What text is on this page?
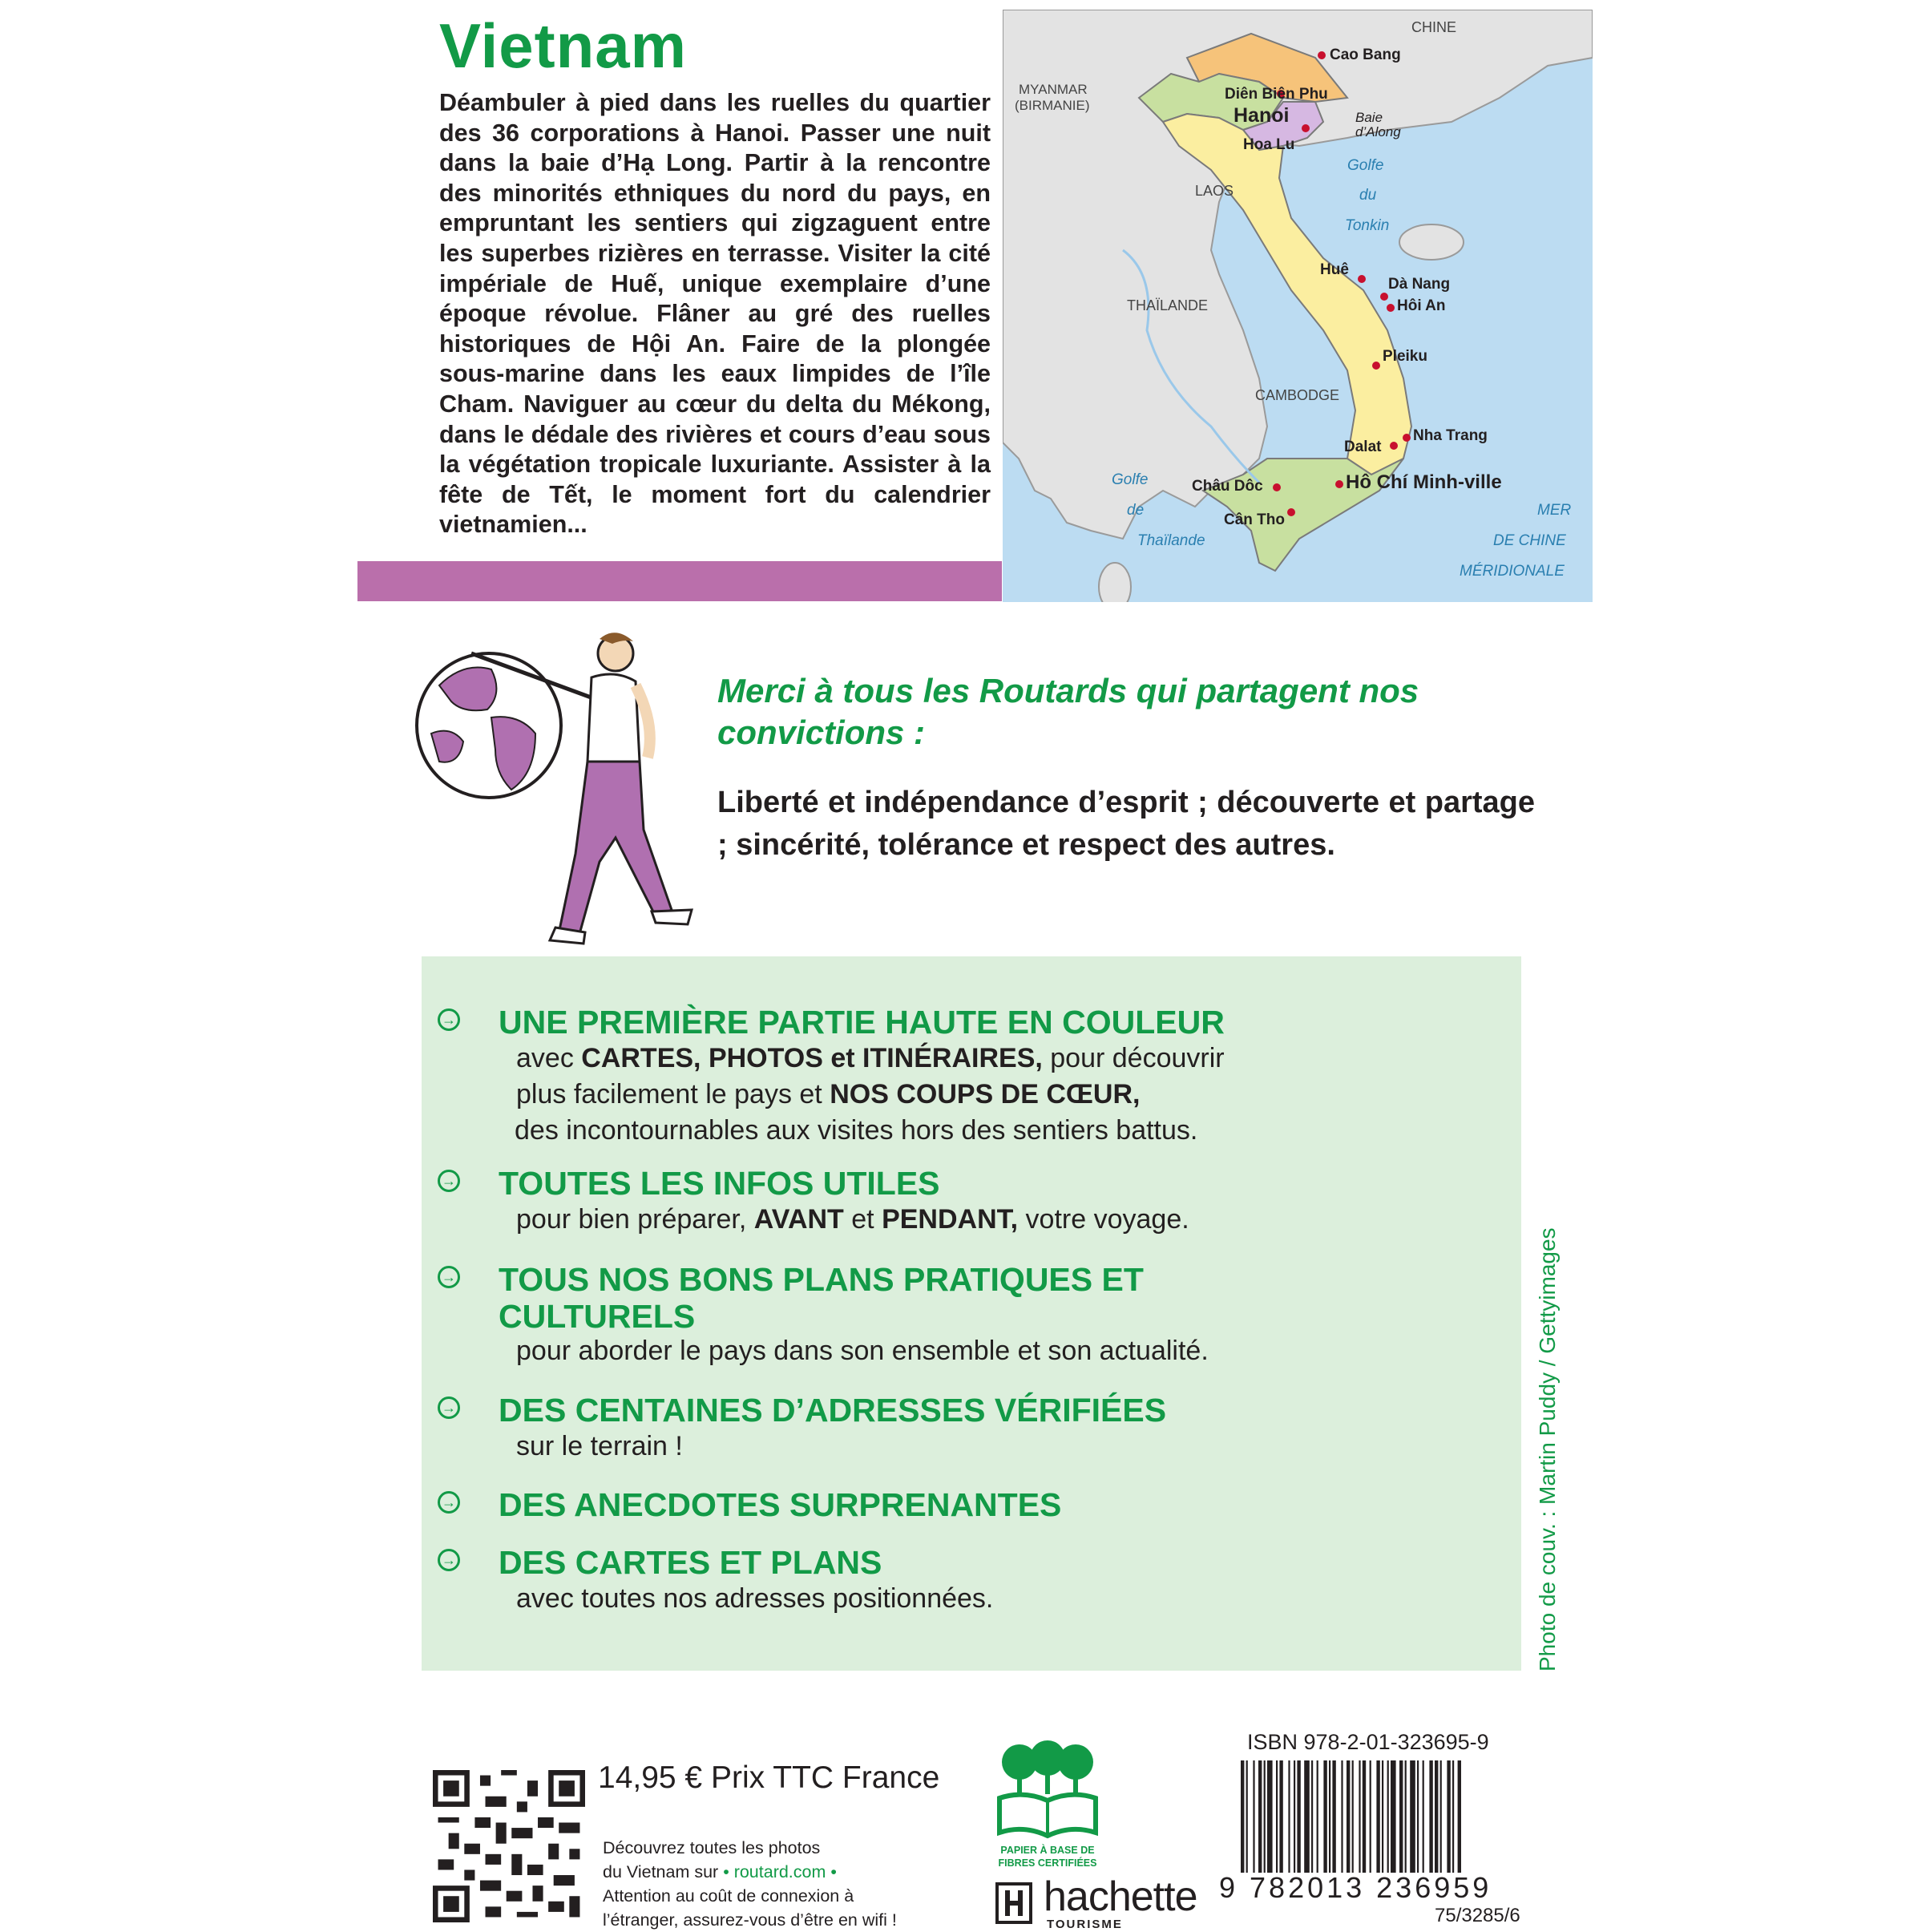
Vietnam
Déambuler à pied dans les ruelles du quartier des 36 corporations à Hanoi. Passer une nuit dans la baie d’Hạ Long. Partir à la rencontre des minorités ethniques du nord du pays, en empruntant les sentiers qui zigzaguent entre les superbes rizières en terrasse. Visiter la cité impériale de Huế, unique exemplaire d’une époque révolue. Flâner au gré des ruelles historiques de Hội An. Faire de la plongée sous-marine dans les eaux limpides de l’île Cham. Naviguer au cœur du delta du Mékong, dans le dédale des rivières et cours d’eau sous la végétation tropicale luxuriante. Assister à la fête de Tết, le moment fort du calendrier vietnamien...
CHINE
MYANMAR
(BIRMANIE)
LAOS
THAÏLANDE
CAMBODGE
Cao Bang
Diên Biên Phu
Hanoi
Hoa Lu
Huê
Dà Nang
Hôi An
Pleiku
Nha Trang
Dalat
Hô Chí Minh-ville
Châu Dôc
Cân Tho
Baie
d’Along
Golfe
du
Tonkin
Golfe
de
Thaïlande
MER
DE CHINE
MÉRIDIONALE
Merci à tous les Routards qui partagent nos convictions :
Liberté et indépendance d’esprit ; découverte et partage ; sincérité, tolérance et respect des autres.
→ UNE PREMIÈRE PARTIE HAUTE EN COULEUR
avec CARTES, PHOTOS et ITINÉRAIRES, pour découvrir
plus facilement le pays et NOS COUPS DE CŒUR,
des incontournables aux visites hors des sentiers battus.
→ TOUTES LES INFOS UTILES
pour bien préparer, AVANT et PENDANT, votre voyage.
→ TOUS NOS BONS PLANS PRATIQUES ET CULTURELS
pour aborder le pays dans son ensemble et son actualité.
→ DES CENTAINES D’ADRESSES VÉRIFIÉES
sur le terrain !
→ DES ANECDOTES SURPRENANTES
→ DES CARTES ET PLANS
avec toutes nos adresses positionnées.	Photo de couv. : Martin Puddy / Gettyimages
14,95 € Prix TTC France
Découvrez toutes les photos
du Vietnam sur • routard.com •
Attention au coût de connexion à
l’étranger, assurez-vous d’être en wifi !
PAPIER À BASE DE FIBRES CERTIFIÉES
hachette
TOURISME
ISBN 978-2-01-323695-9
9 782013 236959
75/3285/6
